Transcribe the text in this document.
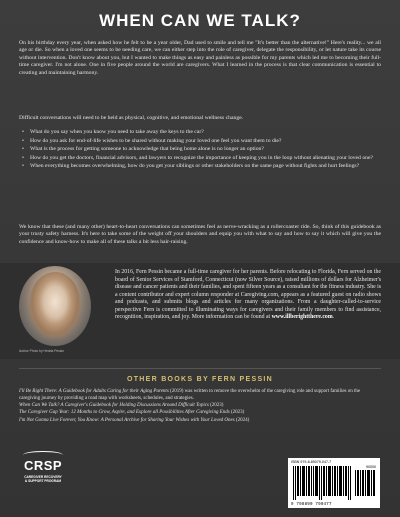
WHEN CAN WE TALK?

On his birthday every year, when asked how he felt to be a year older, Dad used to smile and tell me "It's better than the alternative!" Here's reality... we all age or die. So when a loved one seems to be needing care, we can either step into the role of caregiver, delegate the responsibility, or let nature take its course without intervention. Don't know about you, but I wanted to make things as easy and painless as possible for my parents which led me to becoming their full-time caregiver. I'm not alone. One in five people around the world are caregivers. What I learned in the process is that clear communication is essential to creating and maintaining harmony.

Difficult conversations will need to be held as physical, cognitive, and emotional wellness change.

• What do you say when you know you need to take away the keys to the car?
• How do you ask for end-of-life wishes to be shared without making your loved one feel you want them to die?
• What is the process for getting someone to acknowledge that being home alone is no longer an option?
• How do you get the doctors, financial advisors, and lawyers to recognize the importance of keeping you in the loop without alienating your loved one?
• When everything becomes overwhelming, how do you get your siblings or other stakeholders on the same page without fights and hurt feelings?

We know that these (and many other) heart-to-heart conversations can sometimes feel as nerve-wracking as a rollercoaster ride. So, think of this guidebook as your trusty safety harness. It's here to take some of the weight off your shoulders and equip you with what to say and how to say it which will give you the confidence and know-how to make all of these talks a bit less hair-raising.

Author Photo by Hedda Pessin

In 2016, Fern Pessin became a full-time caregiver for her parents. Before relocating to Florida, Fern served on the board of Senior Services of Stamford, Connecticut (now Silver Source), raised millions of dollars for Alzheimer's disease and cancer patients and their families, and spent fifteen years as a consultant for the fitness industry. She is a content contributor and expert column responder at Caregiving.com, appears as a featured guest on radio shows and podcasts, and submits blogs and articles for many organizations. From a daughter-called-to-service perspective Fern is committed to illuminating ways for caregivers and their family members to find assistance, recognition, inspiration, and joy. More information can be found at www.illberightthere.com.

OTHER BOOKS BY FERN PESSIN

I'll Be Right There: A Guidebook for Adults Caring for their Aging Parents (2019) was written to remove the overwhelm of the caregiving role and support families on the caregiving journey by providing a road map with worksheets, schedules, and strategies.

When Can We Talk? A Caregiver's Guidebook for Holding Discussions Around Difficult Topics (2023)

The Caregiver Gap Year: 12 Months to Grow, Aspire, and Explore all Possibilities After Caregiving Ends (2023)

I'm Not Gonna Live Forever, You Know: A Personal Archive for Sharing Your Wishes with Your Loved Ones (2024)

CRSP
CAREGIVER RECOVERY
& SUPPORT PROGRAM
ISBN 979-8-89079-047-7
90000
9 798890 790477
